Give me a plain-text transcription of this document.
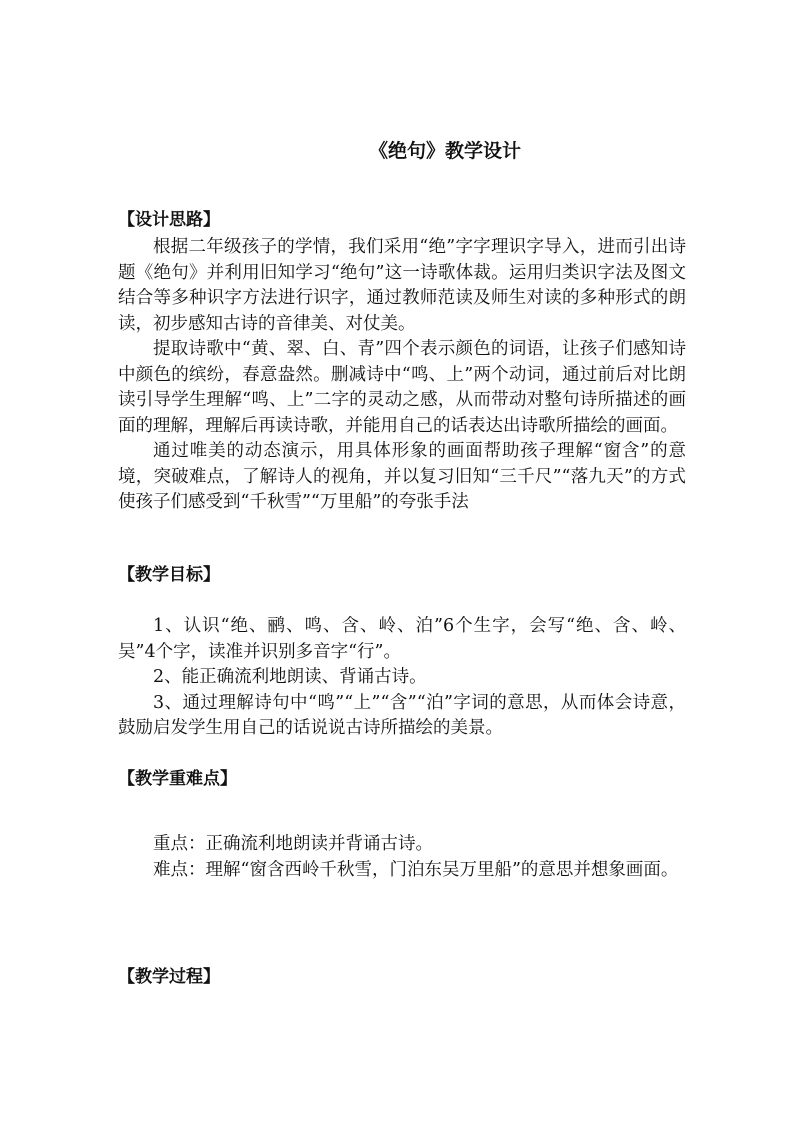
《绝句》教学设计
【设计思路】

根据二年级孩子的学情，我们采用“绝”字字理识字导入，进而引出诗题《绝句》并利用旧知学习“绝句”这一诗歌体裁。运用归类识字法及图文结合等多种识字方法进行识字，通过教师范读及师生对读的多种形式的朗读，初步感知古诗的音律美、对仗美。

提取诗歌中“黄、翠、白、青”四个表示颜色的词语，让孩子们感知诗中颜色的缤纷，春意盎然。删减诗中“鸣、上”两个动词，通过前后对比朗读引导学生理解“鸣、上”二字的灵动之感，从而带动对整句诗所描述的画面的理解，理解后再读诗歌，并能用自己的话表达出诗歌所描绘的画面。

通过唯美的动态演示，用具体形象的画面帮助孩子理解“窗含”的意境，突破难点，了解诗人的视角，并以复习旧知“三千尺”“落九天”的方式使孩子们感受到“千秋雪”“万里船”的夸张手法

【教学目标】

1、认识“绝、鹂、鸣、含、岭、泊”6个生字，会写“绝、含、岭、吴”4个字，读准并识别多音字“行”。

2、能正确流利地朗读、背诵古诗。

3、通过理解诗句中“鸣”“上”“含”“泊”字词的意思，从而体会诗意，鼓励启发学生用自己的话说说古诗所描绘的美景。

【教学重难点】

重点：正确流利地朗读并背诵古诗。

难点：理解“窗含西岭千秋雪，门泊东吴万里船”的意思并想象画面。

【教学过程】
